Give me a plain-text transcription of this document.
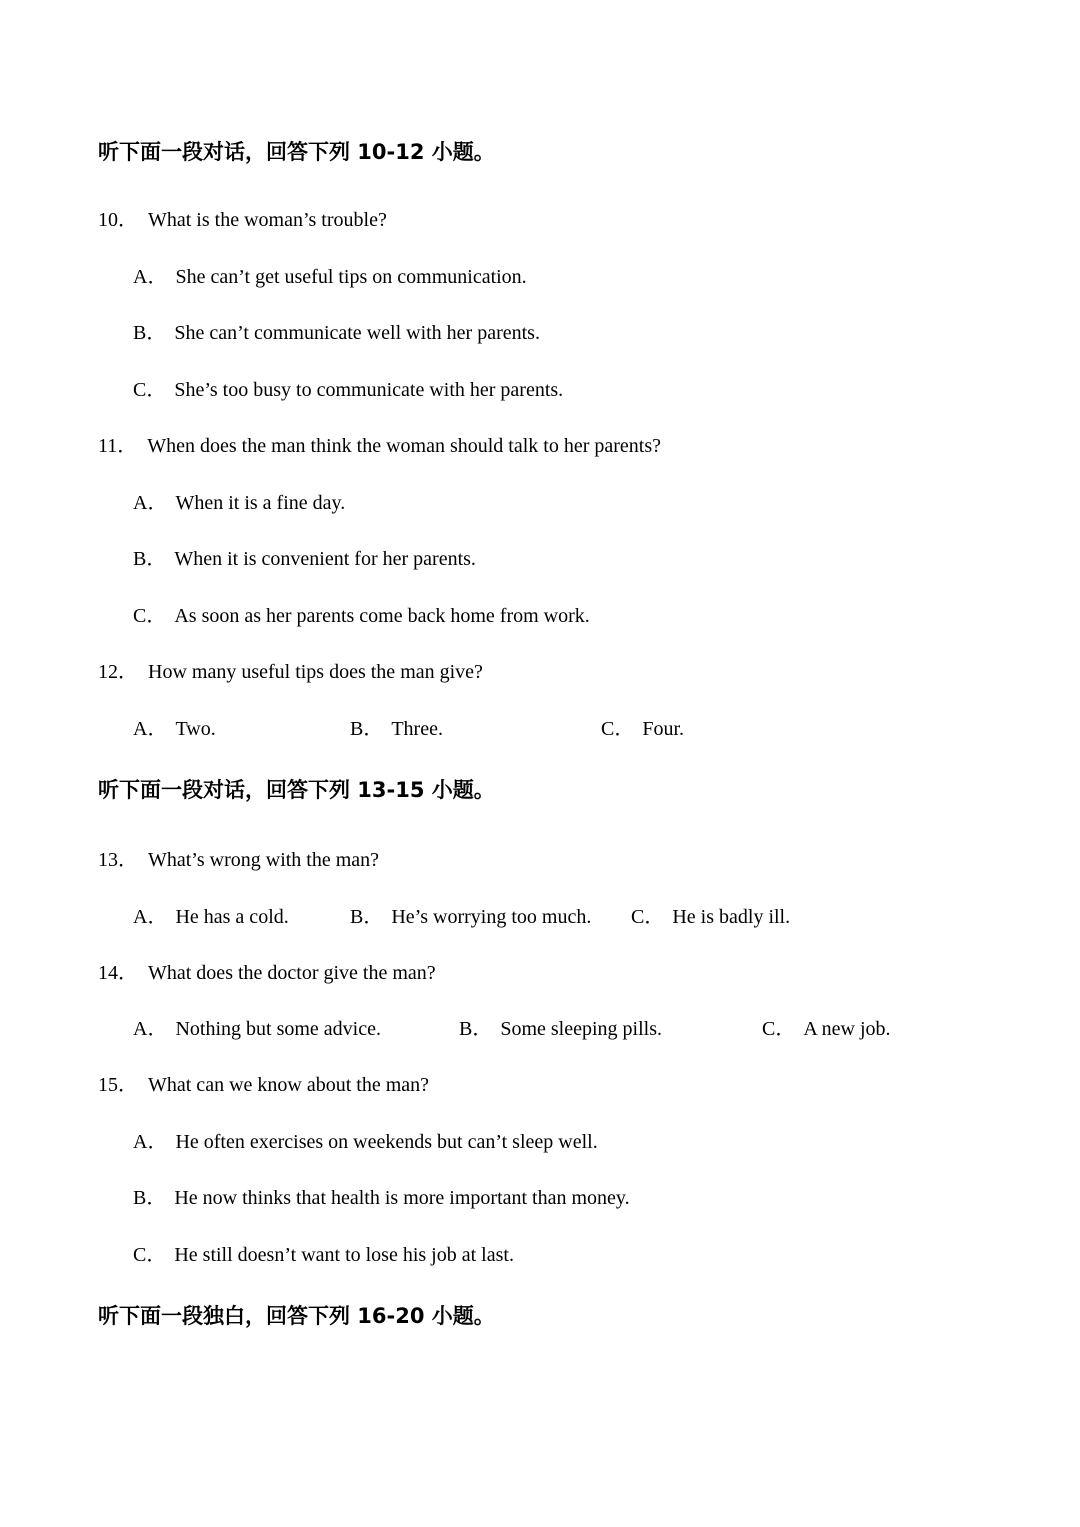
听下面一段对话，回答下列 10-12 小题。
10． What is the woman’s trouble?
A． She can’t get useful tips on communication.
B． She can’t communicate well with her parents.
C． She’s too busy to communicate with her parents.
11． When does the man think the woman should talk to her parents?
A． When it is a fine day.
B． When it is convenient for her parents.
C． As soon as her parents come back home from work.
12． How many useful tips does the man give?
A． Two.	B． Three.	C． Four.
听下面一段对话，回答下列 13-15 小题。
13． What’s wrong with the man?
A． He has a cold.	B． He’s worrying too much. C． He is badly ill.
14． What does the doctor give the man?
A． Nothing but some advice.	B． Some sleeping pills.	C． A new job.
15． What can we know about the man?
A． He often exercises on weekends but can’t sleep well.
B． He now thinks that health is more important than money.
C． He still doesn’t want to lose his job at last.
听下面一段独白，回答下列 16-20 小题。
